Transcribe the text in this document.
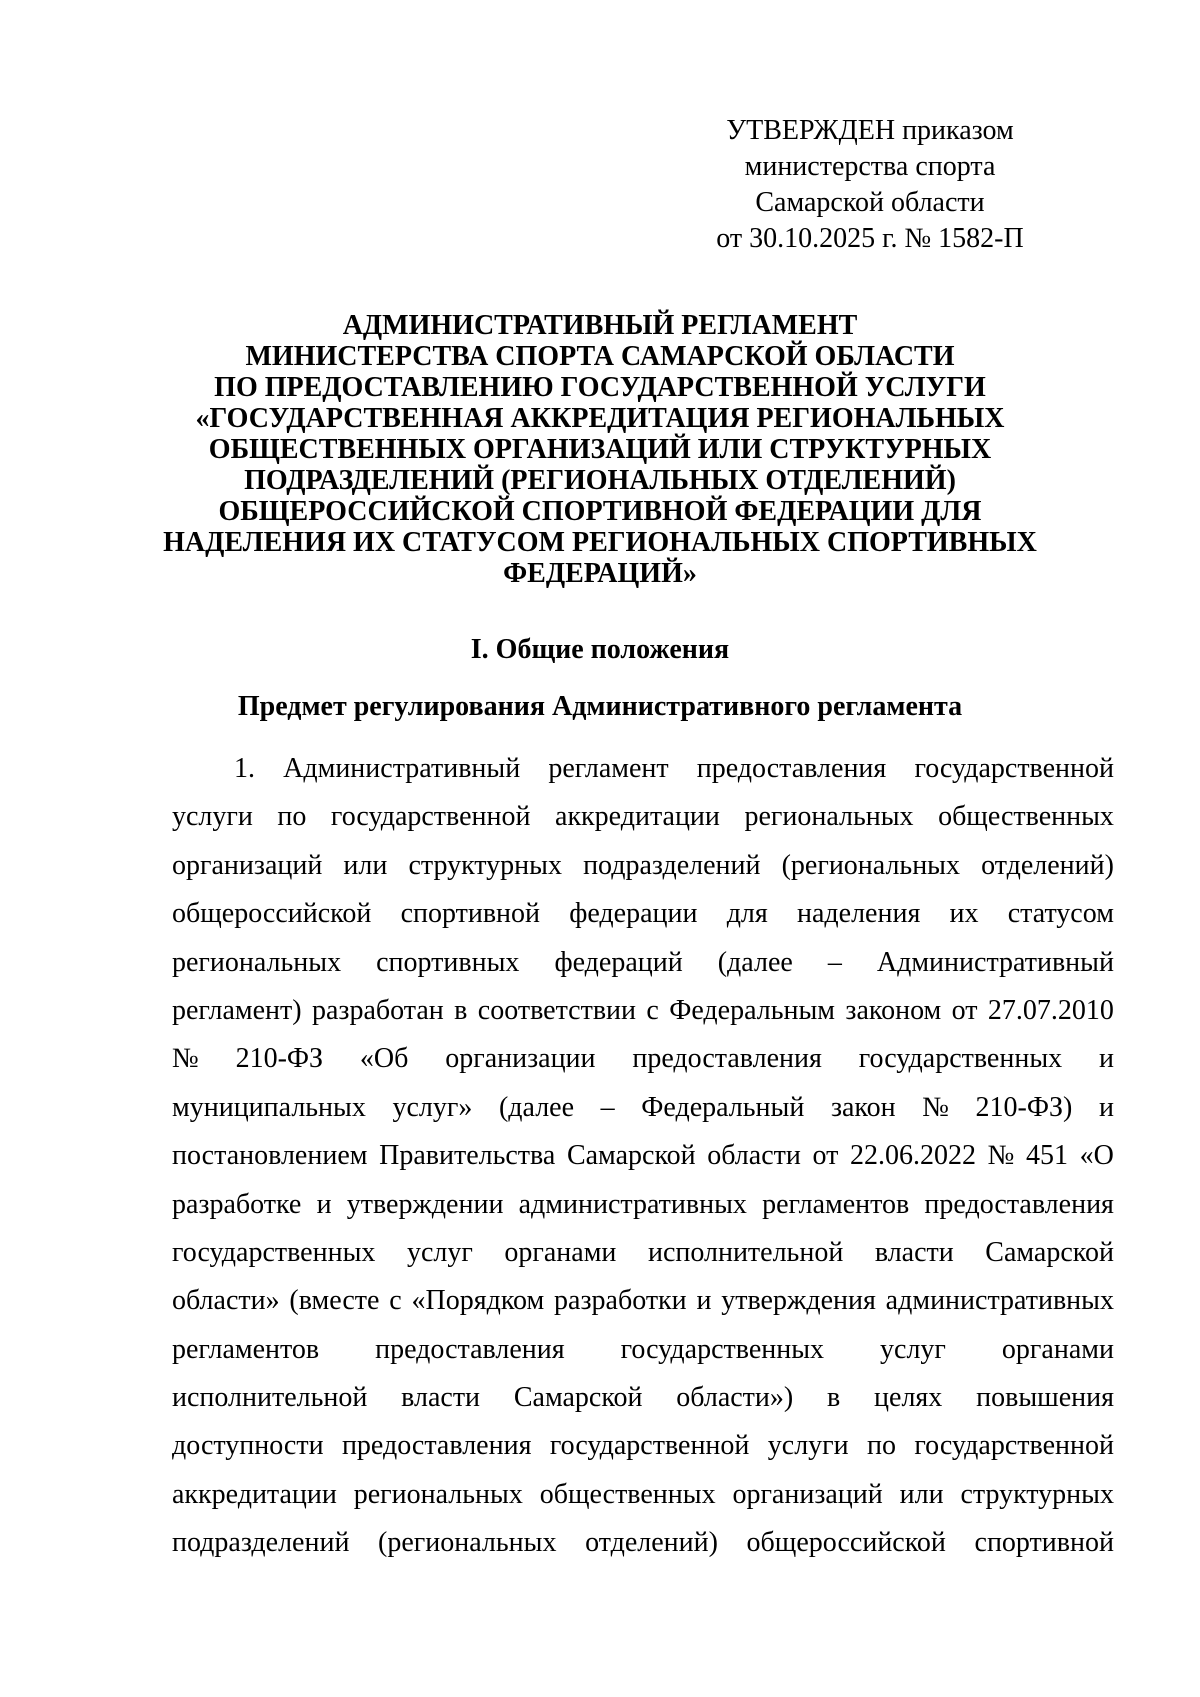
УТВЕРЖДЕН приказом
министерства спорта
Самарской области
от 30.10.2025 г. № 1582-П
АДМИНИСТРАТИВНЫЙ РЕГЛАМЕНТ
МИНИСТЕРСТВА СПОРТА САМАРСКОЙ ОБЛАСТИ
ПО ПРЕДОСТАВЛЕНИЮ ГОСУДАРСТВЕННОЙ УСЛУГИ
«ГОСУДАРСТВЕННАЯ АККРЕДИТАЦИЯ РЕГИОНАЛЬНЫХ
ОБЩЕСТВЕННЫХ ОРГАНИЗАЦИЙ ИЛИ СТРУКТУРНЫХ
ПОДРАЗДЕЛЕНИЙ (РЕГИОНАЛЬНЫХ ОТДЕЛЕНИЙ)
ОБЩЕРОССИЙСКОЙ СПОРТИВНОЙ ФЕДЕРАЦИИ ДЛЯ
НАДЕЛЕНИЯ ИХ СТАТУСОМ РЕГИОНАЛЬНЫХ СПОРТИВНЫХ
ФЕДЕРАЦИЙ»
I. Общие положения
Предмет регулирования Административного регламента
1. Административный регламент предоставления государственной
услуги по государственной аккредитации региональных общественных
организаций или структурных подразделений (региональных отделений)
общероссийской спортивной федерации для наделения их статусом
региональных спортивных федераций (далее – Административный
регламент) разработан в соответствии с Федеральным законом от 27.07.2010
№ 210-ФЗ «Об организации предоставления государственных и
муниципальных услуг» (далее – Федеральный закон № 210-ФЗ) и
постановлением Правительства Самарской области от 22.06.2022 № 451 «О
разработке и утверждении административных регламентов предоставления
государственных услуг органами исполнительной власти Самарской
области» (вместе с «Порядком разработки и утверждения административных
регламентов предоставления государственных услуг органами
исполнительной власти Самарской области») в целях повышения
доступности предоставления государственной услуги по государственной
аккредитации региональных общественных организаций или структурных
подразделений (региональных отделений) общероссийской спортивной
